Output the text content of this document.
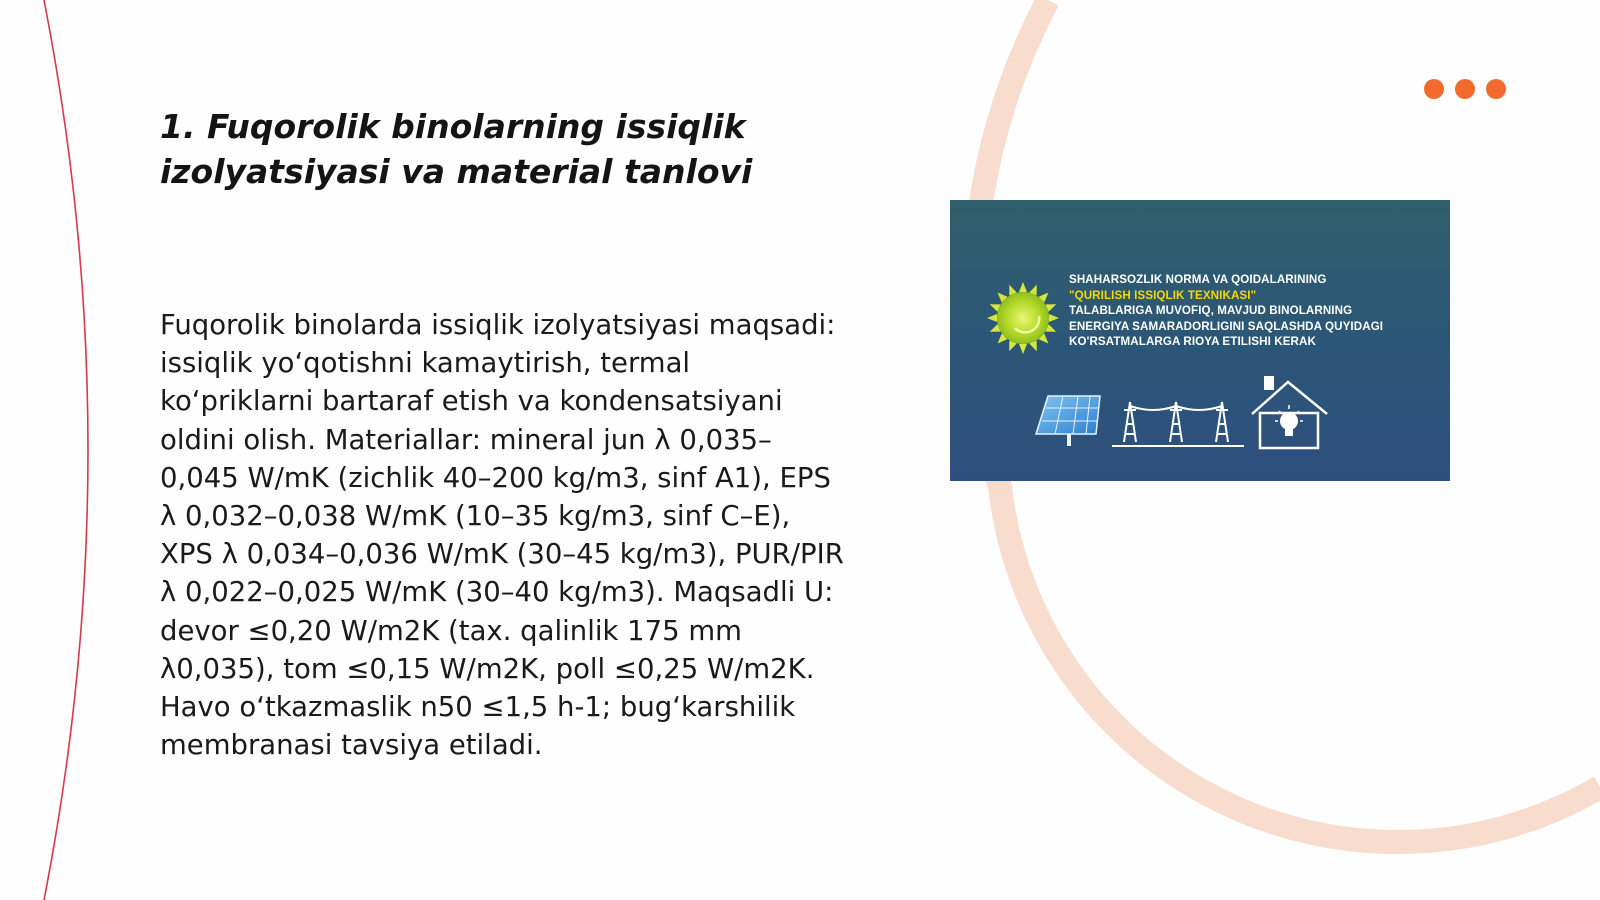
1. Fuqorolik binolarning issiqlik izolyatsiyasi va material tanlovi

Fuqorolik binolarda issiqlik izolyatsiyasi maqsadi: issiqlik yo‘qotishni kamaytirish, termal ko‘priklarni bartaraf etish va kondensatsiyani oldini olish. Materiallar: mineral jun λ 0,035–0,045 W/mK (zichlik 40–200 kg/m3, sinf A1), EPS λ 0,032–0,038 W/mK (10–35 kg/m3, sinf C–E), XPS λ 0,034–0,036 W/mK (30–45 kg/m3), PUR/PIR λ 0,022–0,025 W/mK (30–40 kg/m3). Maqsadli U: devor ≤0,20 W/m2K (tax. qalinlik 175 mm λ0,035), tom ≤0,15 W/m2K, poll ≤0,25 W/m2K. Havo o‘tkazmaslik n50 ≤1,5 h-1; bug‘karshilik membranasi tavsiya etiladi.

SHAHARSOZLIK NORMA VA QOIDALARINING
"QURILISH ISSIQLIK TEXNIKASI"
TALABLARIGA MUVOFIQ, MAVJUD BINOLARNING
ENERGIYA SAMARADORLIGINI SAQLASHDA QUYIDAGI
KO'RSATMALARGA RIOYA ETILISHI KERAK
